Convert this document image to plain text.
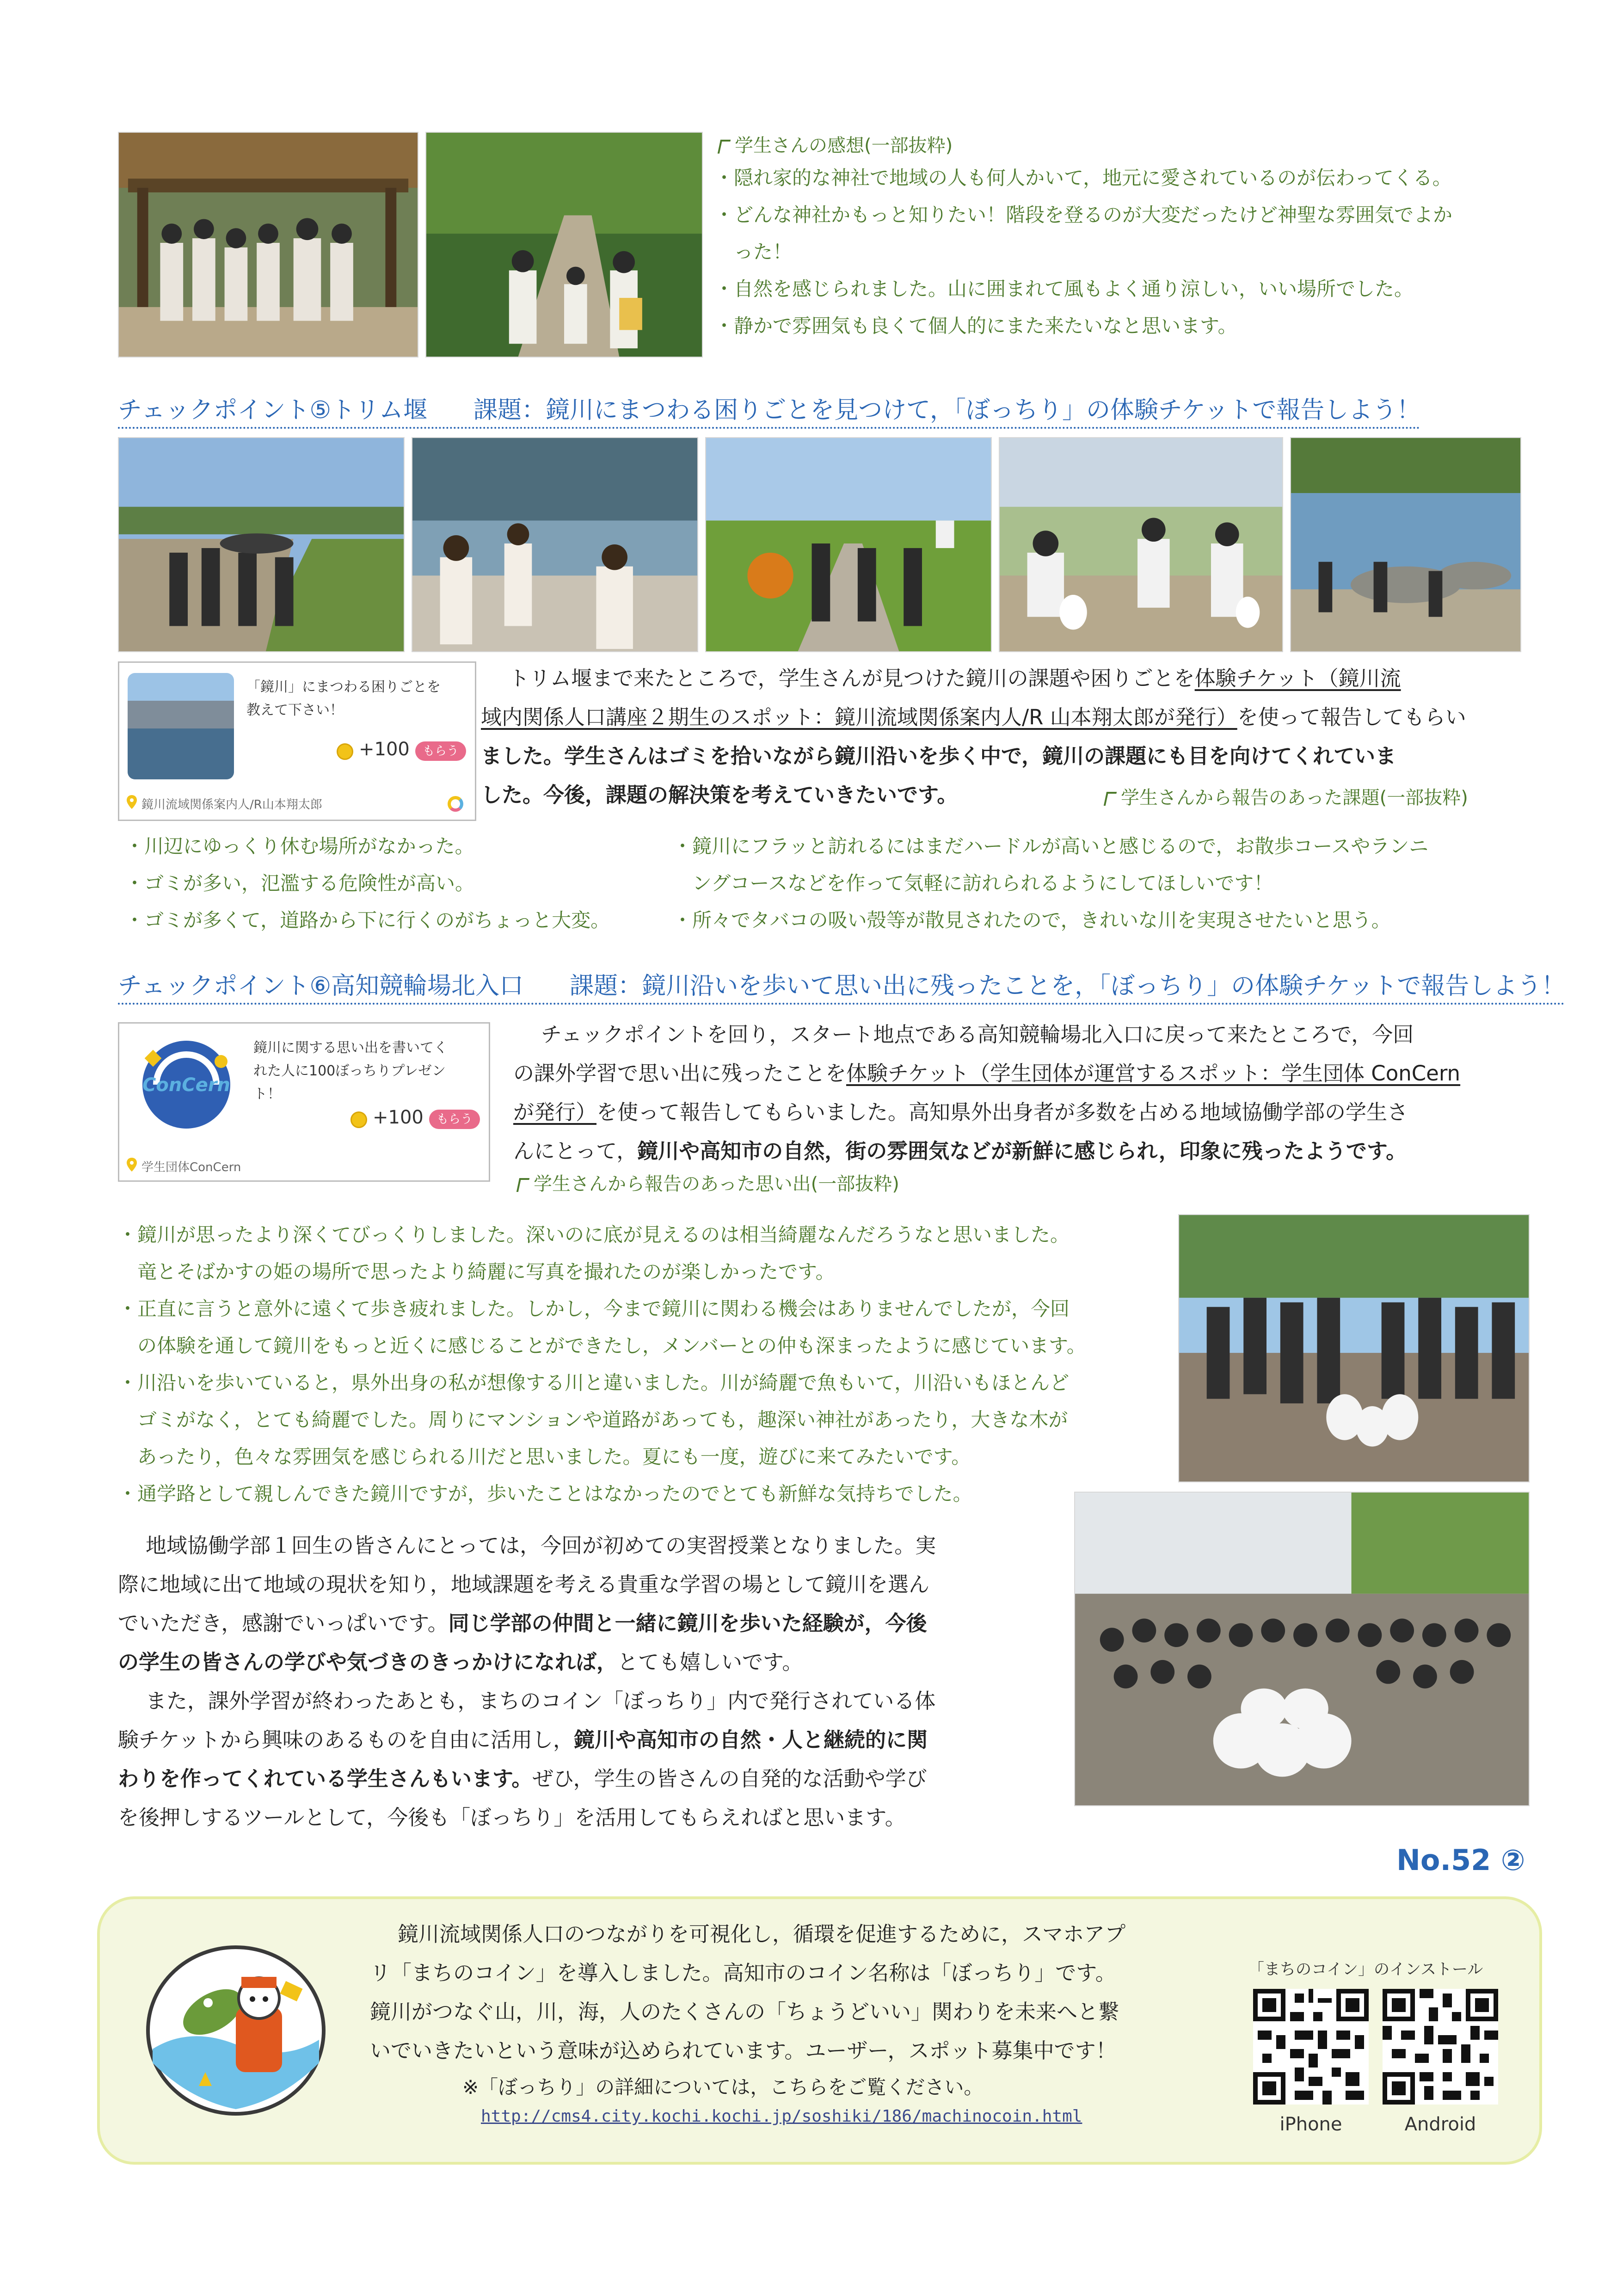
学生さんの感想(一部抜粋)
・ 隠れ家的な神社で地域の人も何人かいて，地元に愛されているのが伝わってくる。
・ どんな神社かもっと知りたい！階段を登るのが大変だったけど神聖な雰囲気でよか
った！
・ 自然を感じられました。山に囲まれて風もよく通り涼しい，いい場所でした。
・ 静かで雰囲気も良くて個人的にまた来たいなと思います。
チェックポイント⑤トリム堰 課題：鏡川にまつわる困りごとを見つけて，「ぼっちり」の体験チケットで報告しよう！
「鏡川」にまつわる困りごとを
教えて下さい！
+100	もらう
鏡川流域関係案内人/R山本翔太郎
トリム堰まで来たところで，学生さんが見つけた鏡川の課題や困りごとを体験チケット（鏡川流
域内関係人口講座２期生のスポット：鏡川流域関係案内人/R 山本翔太郎が発行）を使って報告してもらい
ました。学生さんはゴミを拾いながら鏡川沿いを歩く中で，鏡川の課題にも目を向けてくれていま
した。今後，課題の解決策を考えていきたいです。	学生さんから報告のあった課題(一部抜粋)
・ 川辺にゆっくり休む場所がなかった。
・ ゴミが多い，氾濫する危険性が高い。
・ ゴミが多くて，道路から下に行くのがちょっと大変。
・ 鏡川にフラッと訪れるにはまだハードルが高いと感じるので，お散歩コースやランニ
ングコースなどを作って気軽に訪れられるようにしてほしいです！
・ 所々でタバコの吸い殻等が散見されたので，きれいな川を実現させたいと思う。
チェックポイント⑥高知競輪場北入口 課題：鏡川沿いを歩いて思い出に残ったことを，「ぼっちり」の体験チケットで報告しよう！
ConCern
鏡川に関する思い出を書いてく
れた人に100ぼっちりプレゼン
ト！
+100	もらう
学生団体ConCern
チェックポイントを回り，スタート地点である高知競輪場北入口に戻って来たところで，今回
の課外学習で思い出に残ったことを体験チケット（学生団体が運営するスポット：学生団体 ConCern
が発行）を使って報告してもらいました。高知県外出身者が多数を占める地域協働学部の学生さ
んにとって，鏡川や高知市の自然，街の雰囲気などが新鮮に感じられ，印象に残ったようです。
学生さんから報告のあった思い出(一部抜粋)
・ 鏡川が思ったより深くてびっくりしました。深いのに底が見えるのは相当綺麗なんだろうなと思いました。
竜とそばかすの姫の場所で思ったより綺麗に写真を撮れたのが楽しかったです。
・ 正直に言うと意外に遠くて歩き疲れました。しかし，今まで鏡川に関わる機会はありませんでしたが，今回
の体験を通して鏡川をもっと近くに感じることができたし，メンバーとの仲も深まったように感じています。
・ 川沿いを歩いていると，県外出身の私が想像する川と違いました。川が綺麗で魚もいて，川沿いもほとんど
ゴミがなく，とても綺麗でした。周りにマンションや道路があっても，趣深い神社があったり，大きな木が
あったり，色々な雰囲気を感じられる川だと思いました。夏にも一度，遊びに来てみたいです。
・ 通学路として親しんできた鏡川ですが，歩いたことはなかったのでとても新鮮な気持ちでした。
地域協働学部１回生の皆さんにとっては，今回が初めての実習授業となりました。実
際に地域に出て地域の現状を知り，地域課題を考える貴重な学習の場として鏡川を選ん
でいただき，感謝でいっぱいです。同じ学部の仲間と一緒に鏡川を歩いた経験が，今後
の学生の皆さんの学びや気づきのきっかけになれば，とても嬉しいです。
また，課外学習が終わったあとも，まちのコイン「ぼっちり」内で発行されている体
験チケットから興味のあるものを自由に活用し，鏡川や高知市の自然・人と継続的に関
わりを作ってくれている学生さんもいます。ぜひ，学生の皆さんの自発的な活動や学び
を後押しするツールとして，今後も「ぼっちり」を活用してもらえればと思います。
No.52 ②
鏡川流域関係人口のつながりを可視化し，循環を促進するために，スマホアプ
リ「まちのコイン」を導入しました。高知市のコイン名称は「ぼっちり」です。
鏡川がつなぐ山，川，海，人のたくさんの「ちょうどいい」関わりを未来へと繋
いでいきたいという意味が込められています。ユーザー，スポット募集中です！
※「ぼっちり」の詳細については，こちらをご覧ください。
http://cms4.city.kochi.kochi.jp/soshiki/186/machinocoin.html
「まちのコイン」のインストール
iPhone	Android
